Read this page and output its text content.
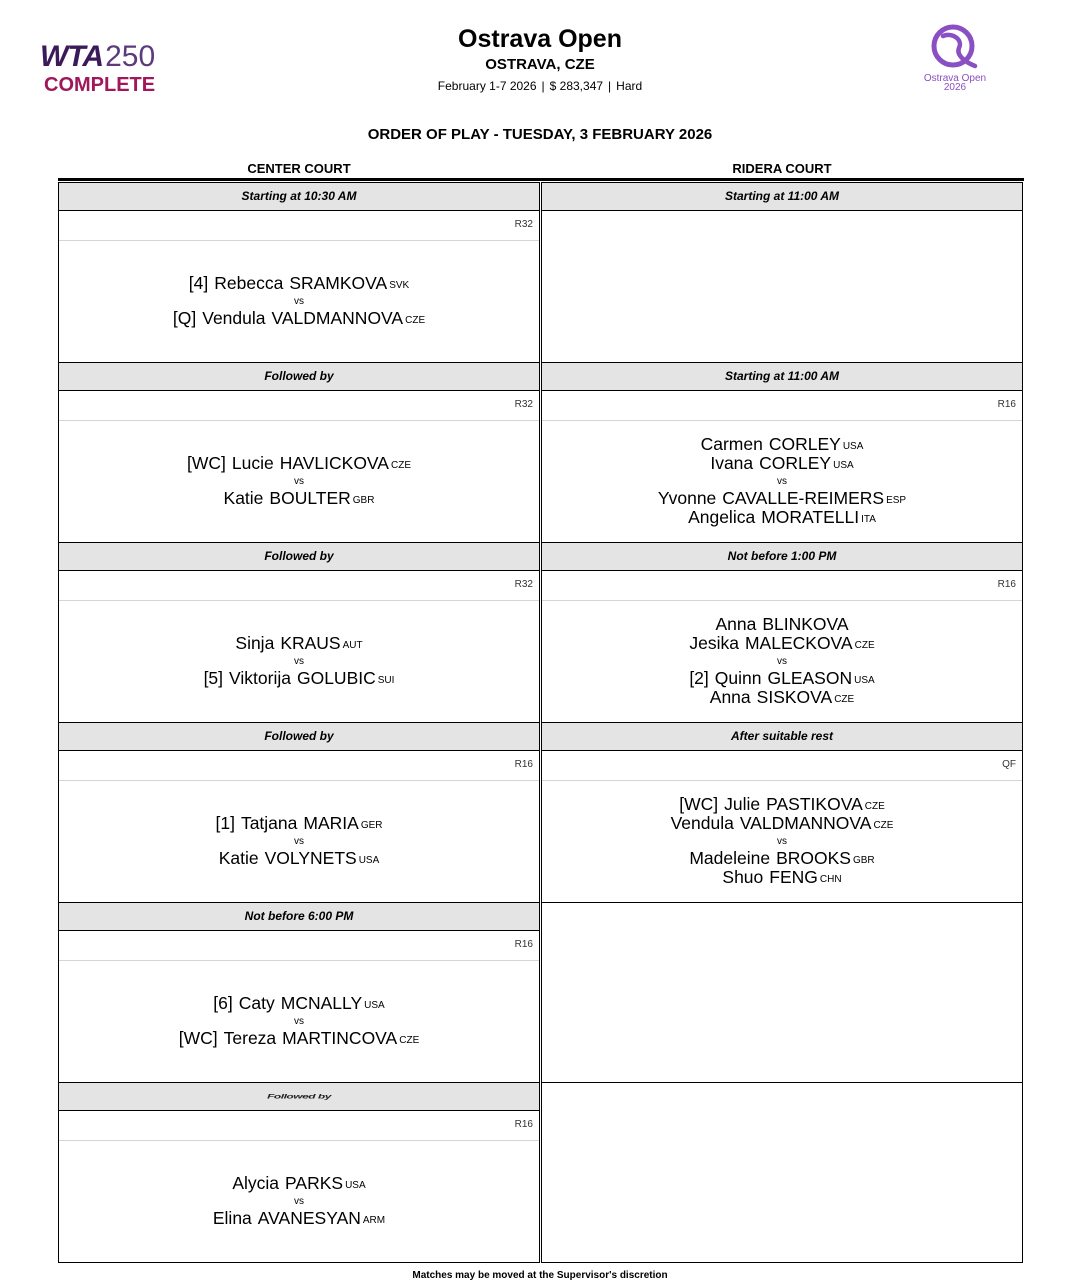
WTA 250
COMPLETE
Ostrava Open
OSTRAVA, CZE
February 1-7 2026 | $ 283,347 | Hard
Ostrava Open
2026
ORDER OF PLAY - TUESDAY, 3 FEBRUARY 2026
CENTER COURT	RIDERA COURT
Starting at 10:30 AM
R32
[4] Rebecca SRAMKOVA $^{SVK}$
vs
[Q] Vendula VALDMANNOVA $^{CZE}$
Followed by
R32
[WC] Lucie HAVLICKOVA $^{CZE}$
vs
Katie BOULTER $^{GBR}$
Followed by
R32
Sinja KRAUS $^{AUT}$
vs
[5] Viktorija GOLUBIC $^{SUI}$
Followed by
R16
[1] Tatjana MARIA $^{GER}$
vs
Katie VOLYNETS $^{USA}$
Not before 6:00 PM
R16
[6] Caty MCNALLY $^{USA}$
vs
[WC] Tereza MARTINCOVA $^{CZE}$
Followed by
R16
Alycia PARKS $^{USA}$
vs
Elina AVANESYAN $^{ARM}$
Starting at 11:00 AM
Starting at 11:00 AM
R16
Carmen CORLEY $^{USA}$
Ivana CORLEY $^{USA}$
vs
Yvonne CAVALLE-REIMERS $^{ESP}$
Angelica MORATELLI $^{ITA}$
Not before 1:00 PM
R16
Anna BLINKOVA
Jesika MALECKOVA $^{CZE}$
vs
[2] Quinn GLEASON $^{USA}$
Anna SISKOVA $^{CZE}$
After suitable rest
QF
[WC] Julie PASTIKOVA $^{CZE}$
Vendula VALDMANNOVA $^{CZE}$
vs
Madeleine BROOKS $^{GBR}$
Shuo FENG $^{CHN}$
Matches may be moved at the Supervisor's discretion
